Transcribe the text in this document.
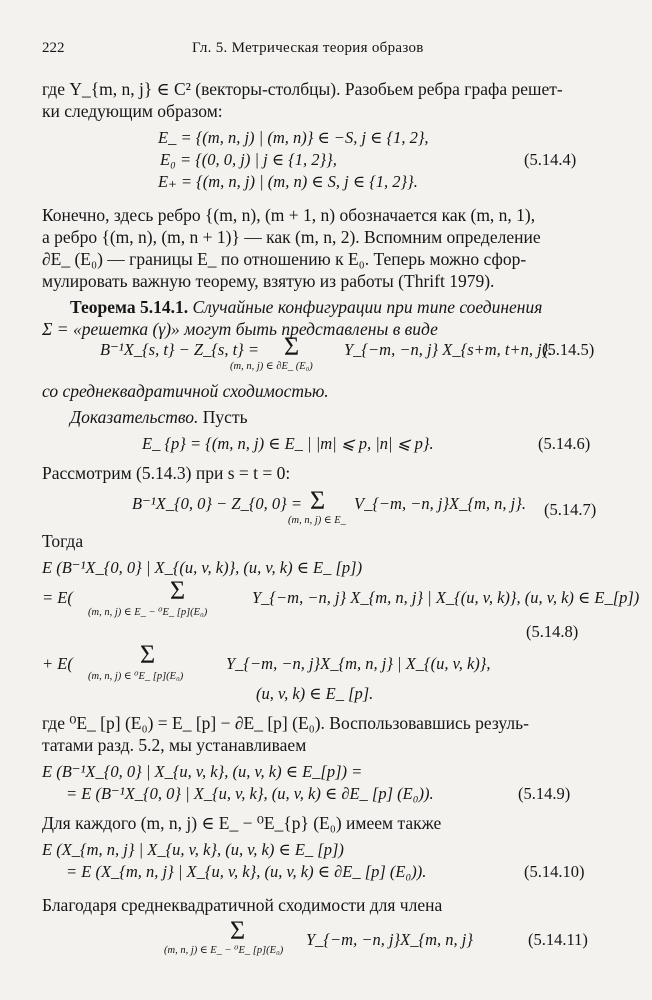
222	Гл. 5. Метрическая теория образов
где Y_{m, n, j} ∈ C² (векторы-столбцы). Разобьем ребра графа решет-
ки следующим образом:
E_ = {(m, n, j) | (m, n)} ∈ −S, j ∈ {1, 2},
E₀ = {(0, 0, j) | j ∈ {1, 2}},	(5.14.4)
E₊ = {(m, n, j) | (m, n) ∈ S, j ∈ {1, 2}}.
Конечно, здесь ребро {(m, n), (m + 1, n) обозначается как (m, n, 1),
а ребро {(m, n), (m, n + 1)} — как (m, n, 2). Вспомним определение
∂E_ (E₀) — границы E_ по отношению к E₀. Теперь можно сфор-
мулировать важную теорему, взятую из работы (Thrift 1979).
Теорема 5.14.1. Случайные конфигурации при типе соединения
Σ = «решетка (γ)» могут быть представлены в виде
B⁻¹X_{s, t} − Z_{s, t} = Σ
(m, n, j) ∈ ∂E_ (E₀)
Y_{−m, −n, j} X_{s+m, t+n, j}.
(5.14.5)
со среднеквадратичной сходимостью.
Доказательство. Пусть
E_ {p} = {(m, n, j) ∈ E_ | |m| ⩽ p, |n| ⩽ p}.	(5.14.6)
Рассмотрим (5.14.3) при s = t = 0:
B⁻¹X_{0, 0} − Z_{0, 0} = Σ
(m, n, j) ∈ E_
V_{−m, −n, j}X_{m, n, j}. (5.14.7)
Тогда
E (B⁻¹X_{0, 0} | X_{(u, v, k)}, (u, v, k) ∈ E_ [p])
= E(	Σ
(m, n, j) ∈ E_ − ⁰E_ [p](E₀)
Y_{−m, −n, j} X_{m, n, j} | X_{(u, v, k)}, (u, v, k) ∈ E_[p])
(5.14.8)
+ E(	Σ
(m, n, j) ∈ ⁰E_ [p](E₀)
Y_{−m, −n, j}X_{m, n, j} | X_{(u, v, k)},
(u, v, k) ∈ E_ [p].
где ⁰E_ [p] (E₀) = E_ [p] − ∂E_ [p] (E₀). Воспользовавшись резуль-
татами разд. 5.2, мы устанавливаем
E (B⁻¹X_{0, 0} | X_{u, v, k}, (u, v, k) ∈ E_[p]) =
= E (B⁻¹X_{0, 0} | X_{u, v, k}, (u, v, k) ∈ ∂E_ [p] (E₀)).	(5.14.9)
Для каждого (m, n, j) ∈ E_ − ⁰E_{p} (E₀) имеем также
E (X_{m, n, j} | X_{u, v, k}, (u, v, k) ∈ E_ [p])
= E (X_{m, n, j} | X_{u, v, k}, (u, v, k) ∈ ∂E_ [p] (E₀)).	(5.14.10)
Благодаря среднеквадратичной сходимости для члена
Σ
(m, n, j) ∈ E_ − ⁰E_ [p](E₀)
Y_{−m, −n, j}X_{m, n, j}	(5.14.11)
